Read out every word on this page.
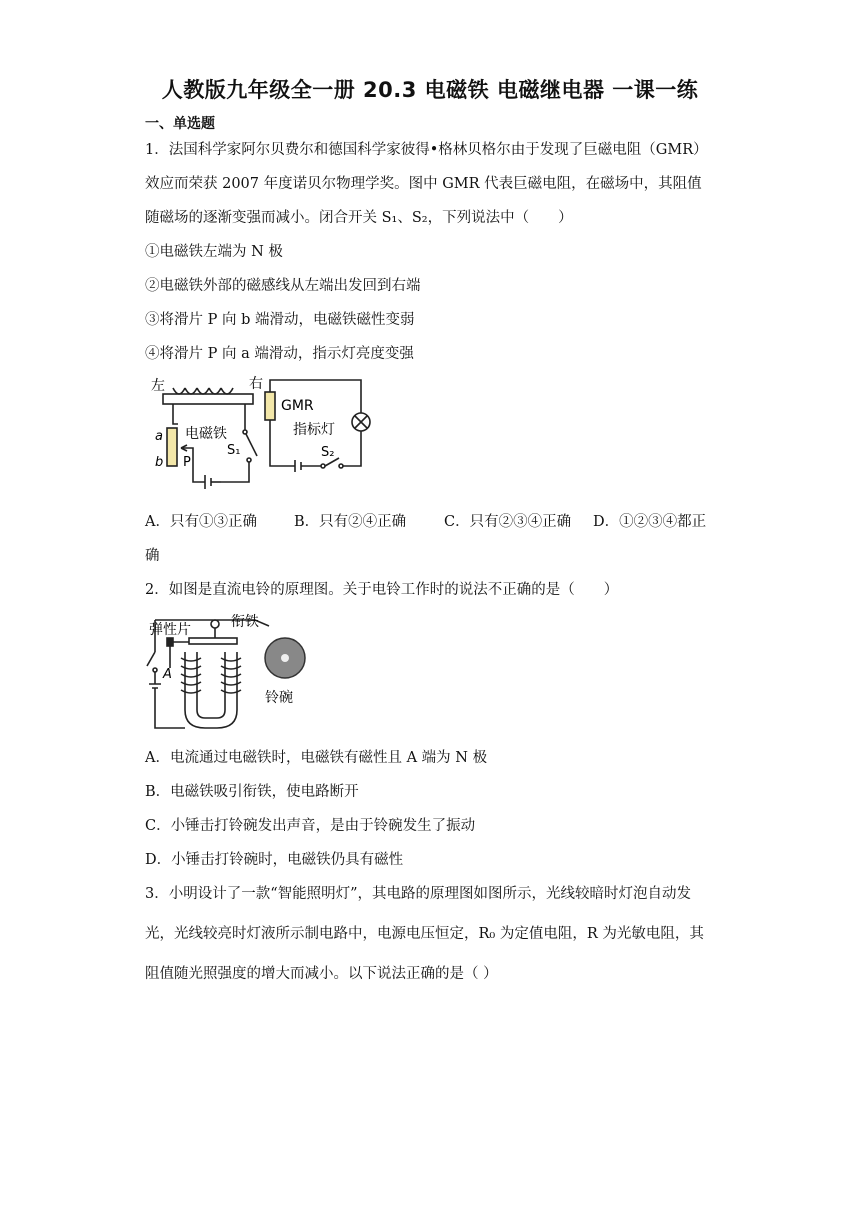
人教版九年级全一册 20.3 电磁铁 电磁继电器 一课一练
一、单选题
1．法国科学家阿尔贝费尔和德国科学家彼得•格林贝格尔由于发现了巨磁电阻（GMR）
效应而荣获 2007 年度诺贝尔物理学奖。图中 GMR 代表巨磁电阻，在磁场中，其阻值
随磁场的逐渐变强而减小。闭合开关 S₁、S₂，下列说法中（　　）
①电磁铁左端为 N 极
②电磁铁外部的磁感线从左端出发回到右端
③将滑片 P 向 b 端滑动，电磁铁磁性变弱
④将滑片 P 向 a 端滑动，指示灯亮度变强
左	右
电磁铁
a
b P
S₁
GMR
指标灯
S₂
A．只有①③正确	B．只有②④正确	C．只有②③④正确 D．①②③④都正
确
2．如图是直流电铃的原理图。关于电铃工作时的说法不正确的是（　　）
弹性片	衔铁
A
铃碗
A．电流通过电磁铁时，电磁铁有磁性且 A 端为 N 极
B．电磁铁吸引衔铁，使电路断开
C．小锤击打铃碗发出声音，是由于铃碗发生了振动
D．小锤击打铃碗时，电磁铁仍具有磁性
3．小明设计了一款“智能照明灯”，其电路的原理图如图所示，光线较暗时灯泡自动发
光，光线较亮时灯液所示制电路中，电源电压恒定，R₀ 为定值电阻，R 为光敏电阻，其
阻值随光照强度的增大而减小。以下说法正确的是（ ）
